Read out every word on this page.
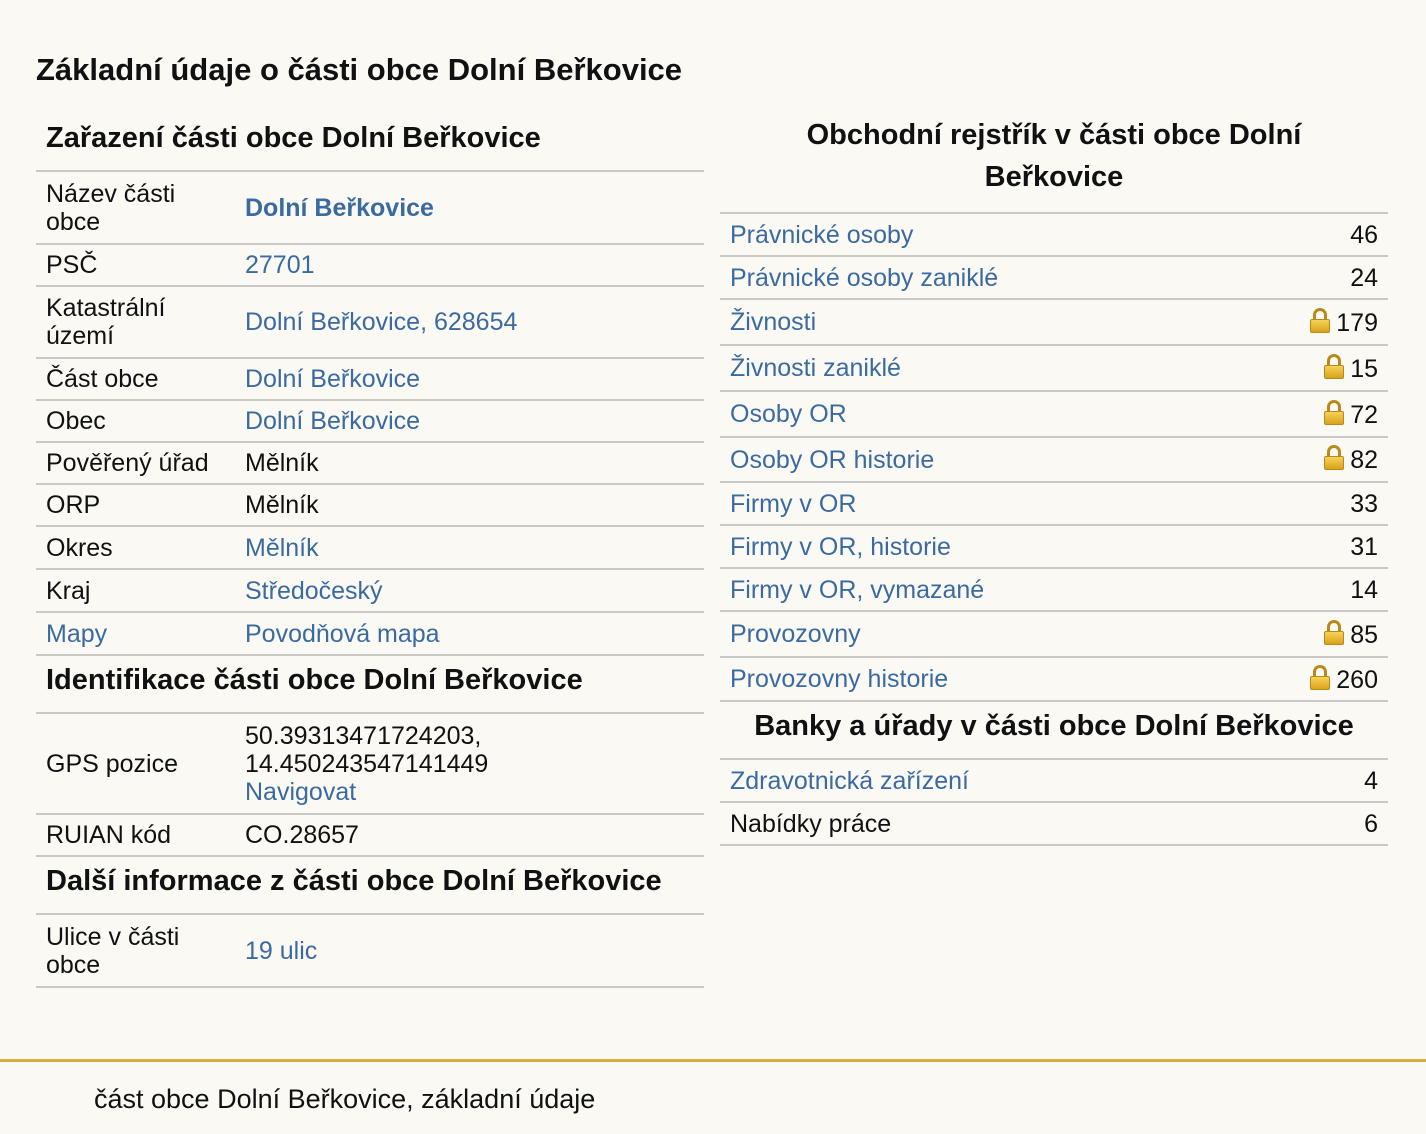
Základní údaje o části obce Dolní Beřkovice
Zařazení části obce Dolní Beřkovice
Název části obce	Dolní Beřkovice
PSČ	27701
Katastrální území	Dolní Beřkovice, 628654
Část obce	Dolní Beřkovice
Obec	Dolní Beřkovice
Pověřený úřad	Mělník
ORP	Mělník
Okres	Mělník
Kraj	Středočeský
Mapy	Povodňová mapa
Identifikace části obce Dolní Beřkovice
GPS pozice	50.39313471724203,
14.450243547141449
Navigovat
RUIAN kód	CO.28657
Další informace z části obce Dolní Beřkovice
Ulice v části obce	19 ulic
Obchodní rejstřík v části obce Dolní Beřkovice
Právnické osoby	46
Právnické osoby zaniklé	24
Živnosti	179
Živnosti zaniklé	15
Osoby OR	72
Osoby OR historie	82
Firmy v OR	33
Firmy v OR, historie	31
Firmy v OR, vymazané	14
Provozovny	85
Provozovny historie	260
Banky a úřady v části obce Dolní Beřkovice
Zdravotnická zařízení	4
Nabídky práce	6
část obce Dolní Beřkovice, základní údaje
